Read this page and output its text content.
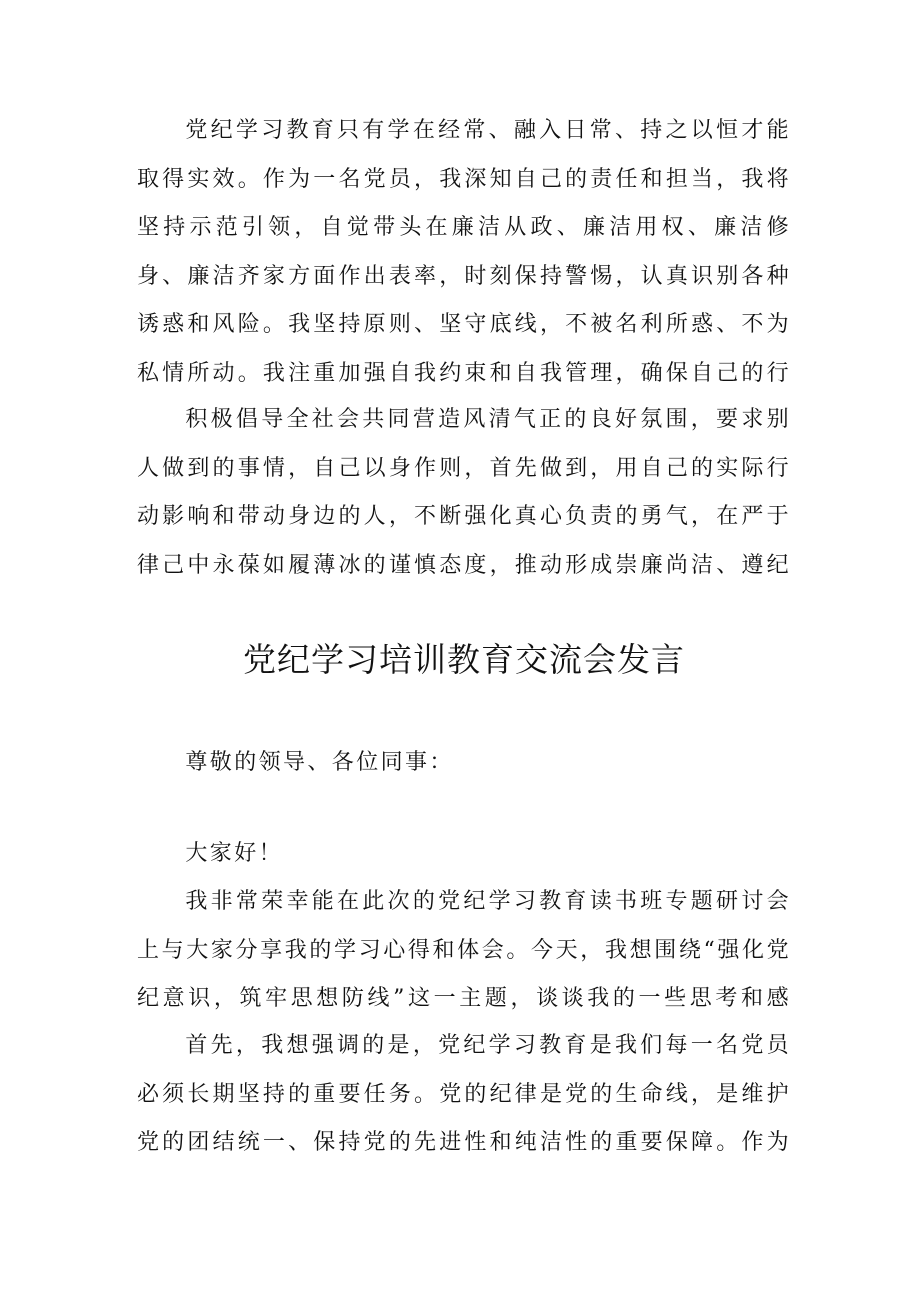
党纪学习教育只有学在经常、融入日常、持之以恒才能取得实效。作为一名党员，我深知自己的责任和担当，我将坚持示范引领，自觉带头在廉洁从政、廉洁用权、廉洁修身、廉洁齐家方面作出表率，时刻保持警惕，认真识别各种诱惑和风险。我坚持原则、坚守底线，不被名利所惑、不为私情所动。我注重加强自我约束和自我管理，确保自己的行

积极倡导全社会共同营造风清气正的良好氛围，要求别人做到的事情，自己以身作则，首先做到，用自己的实际行动影响和带动身边的人，不断强化真心负责的勇气，在严于律己中永葆如履薄冰的谨慎态度，推动形成崇廉尚洁、遵纪

党纪学习培训教育交流会发言

尊敬的领导、各位同事：

大家好！

我非常荣幸能在此次的党纪学习教育读书班专题研讨会上与大家分享我的学习心得和体会。今天，我想围绕“强化党纪意识，筑牢思想防线”这一主题，谈谈我的一些思考和感

首先，我想强调的是，党纪学习教育是我们每一名党员必须长期坚持的重要任务。党的纪律是党的生命线，是维护党的团结统一、保持党的先进性和纯洁性的重要保障。作为
